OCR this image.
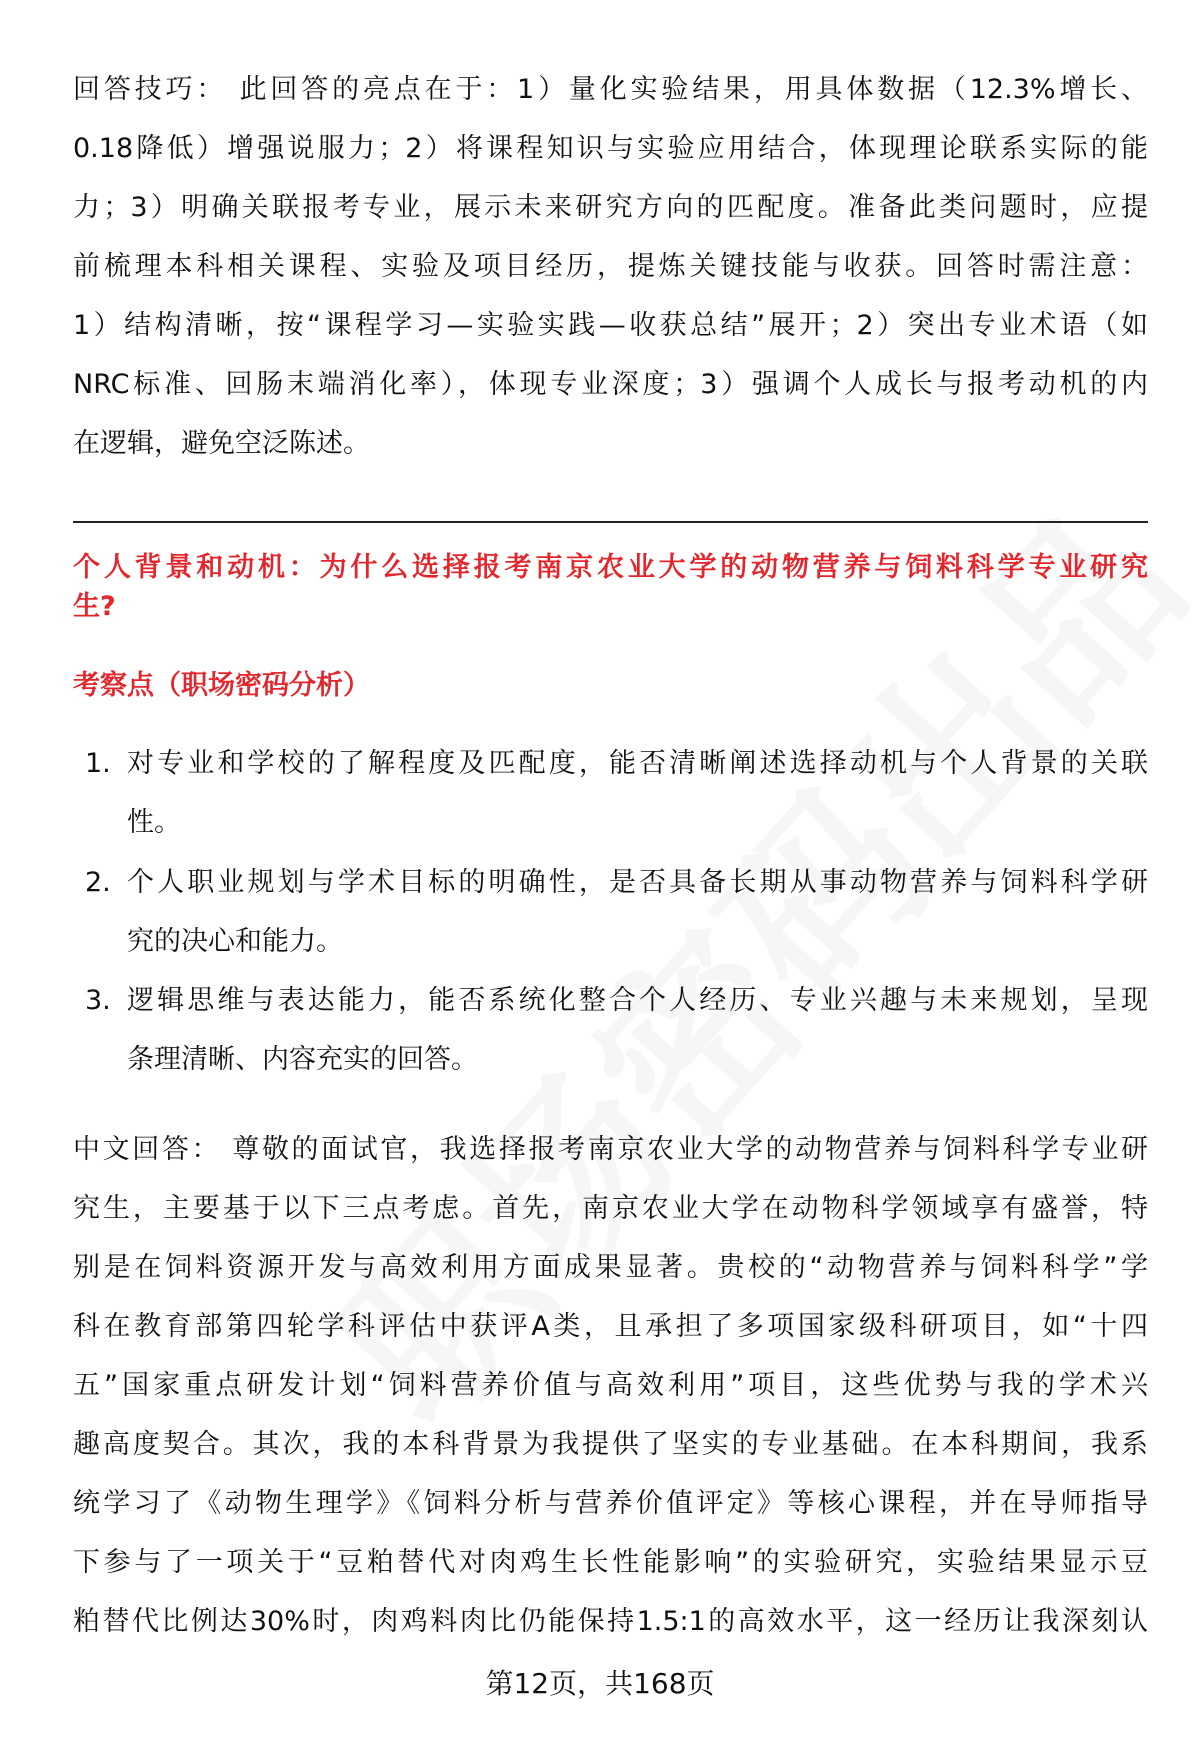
回答技巧： 此回答的亮点在于：1）量化实验结果，用具体数据（12.3%增长、
0.18降低）增强说服力；2）将课程知识与实验应用结合，体现理论联系实际的能
力；3）明确关联报考专业，展示未来研究方向的匹配度。准备此类问题时，应提
前梳理本科相关课程、实验及项目经历，提炼关键技能与收获。回答时需注意：
1）结构清晰，按“课程学习—实验实践—收获总结”展开；2）突出专业术语（如
NRC标准、回肠末端消化率），体现专业深度；3）强调个人成长与报考动机的内
在逻辑，避免空泛陈述。
个人背景和动机：为什么选择报考南京农业大学的动物营养与饲料科学专业研究
生?
考察点（职场密码分析）
1. 对专业和学校的了解程度及匹配度，能否清晰阐述选择动机与个人背景的关联
性。
2. 个人职业规划与学术目标的明确性，是否具备长期从事动物营养与饲料科学研
究的决心和能力。
3. 逻辑思维与表达能力，能否系统化整合个人经历、专业兴趣与未来规划，呈现
条理清晰、内容充实的回答。
中文回答： 尊敬的面试官，我选择报考南京农业大学的动物营养与饲料科学专业研
究生，主要基于以下三点考虑。首先，南京农业大学在动物科学领域享有盛誉，特
别是在饲料资源开发与高效利用方面成果显著。贵校的“动物营养与饲料科学”学
科在教育部第四轮学科评估中获评A类，且承担了多项国家级科研项目，如“十四
五”国家重点研发计划“饲料营养价值与高效利用”项目，这些优势与我的学术兴
趣高度契合。其次，我的本科背景为我提供了坚实的专业基础。在本科期间，我系
统学习了《动物生理学》《饲料分析与营养价值评定》等核心课程，并在导师指导
下参与了一项关于“豆粕替代对肉鸡生长性能影响”的实验研究，实验结果显示豆
粕替代比例达30%时，肉鸡料肉比仍能保持1.5:1的高效水平，这一经历让我深刻认
第12页，共168页
